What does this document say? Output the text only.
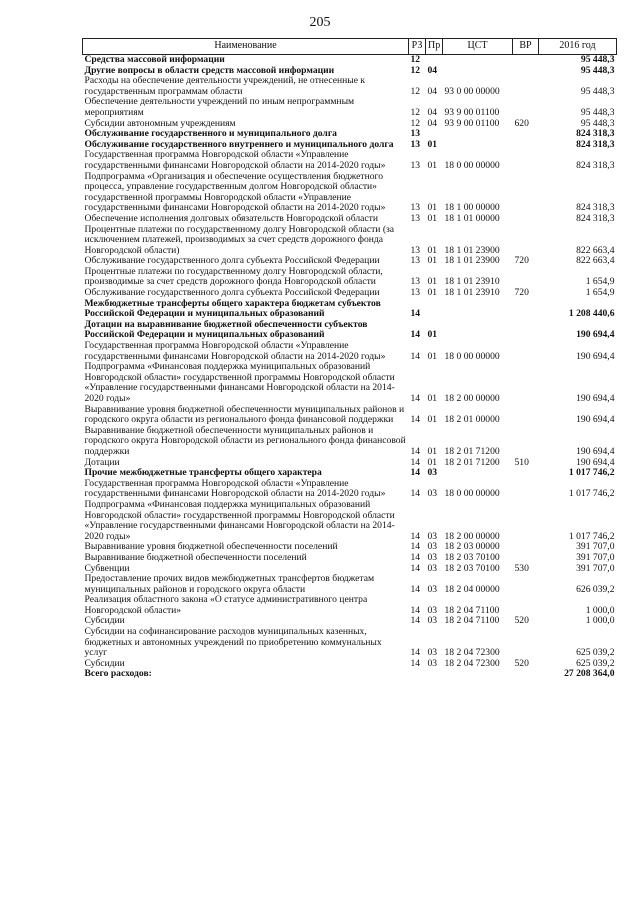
205
Наименование	РЗ	Пр	ЦСТ	ВР	2016 год
Средства массовой информации	12				95 448,3
Другие вопросы в области средств массовой информации	12	04			95 448,3
Расходы на обеспечение деятельности учреждений, не отнесенные к государственным программам области	12	04	93 0 00 00000		95 448,3
Обеспечение деятельности учреждений по иным непрограммным мероприятиям	12	04	93 9 00 01100		95 448,3
Субсидии автономным учреждениям	12	04	93 9 00 01100	620	95 448,3
Обслуживание государственного и муниципального долга	13				824 318,3
Обслуживание государственного внутреннего и муниципального долга	13	01			824 318,3
Государственная программа Новгородской области «Управление государственными финансами Новгородской области на 2014-2020 годы»	13	01	18 0 00 00000		824 318,3
Подпрограмма «Организация и обеспечение осуществления бюджетного процесса, управление государственным долгом Новгородской области» государственной программы Новгородской области «Управление государственными финансами Новгородской области на 2014-2020 годы»	13	01	18 1 00 00000		824 318,3
Обеспечение исполнения долговых обязательств Новгородской области	13	01	18 1 01 00000		824 318,3
Процентные платежи по государственному долгу Новгородской области (за исключением платежей, производимых за счет средств дорожного фонда Новгородской области)	13	01	18 1 01 23900		822 663,4
Обслуживание государственного долга субъекта Российской Федерации	13	01	18 1 01 23900	720	822 663,4
Процентные платежи по государственному долгу Новгородской области, производимые за счет средств дорожного фонда Новгородской области	13	01	18 1 01 23910		1 654,9
Обслуживание государственного долга субъекта Российской Федерации	13	01	18 1 01 23910	720	1 654,9
Межбюджетные трансферты общего характера бюджетам субъектов Российской Федерации и муниципальных образований	14				1 208 440,6
Дотации на выравнивание бюджетной обеспеченности субъектов Российской Федерации и муниципальных образований	14	01			190 694,4
Государственная программа Новгородской области «Управление государственными финансами Новгородской области на 2014-2020 годы»	14	01	18 0 00 00000		190 694,4
Подпрограмма «Финансовая поддержка муниципальных образований Новгородской области» государственной программы Новгородской области «Управление государственными финансами Новгородской области на 2014-2020 годы»	14	01	18 2 00 00000		190 694,4
Выравнивание уровня бюджетной обеспеченности муниципальных районов и городского округа области из регионального фонда финансовой поддержки	14	01	18 2 01 00000		190 694,4
Выравнивание бюджетной обеспеченности муниципальных районов и городского округа Новгородской области из регионального фонда финансовой поддержки	14	01	18 2 01 71200		190 694,4
Дотации	14	01	18 2 01 71200	510	190 694,4
Прочие межбюджетные трансферты общего характера	14	03			1 017 746,2
Государственная программа Новгородской области «Управление государственными финансами Новгородской области на 2014-2020 годы»	14	03	18 0 00 00000		1 017 746,2
Подпрограмма «Финансовая поддержка муниципальных образований Новгородской области» государственной программы Новгородской области «Управление государственными финансами Новгородской области на 2014-2020 годы»	14	03	18 2 00 00000		1 017 746,2
Выравнивание уровня бюджетной обеспеченности поселений	14	03	18 2 03 00000		391 707,0
Выравнивание бюджетной обеспеченности поселений	14	03	18 2 03 70100		391 707,0
Субвенции	14	03	18 2 03 70100	530	391 707,0
Предоставление прочих видов межбюджетных трансфертов бюджетам муниципальных районов и городского округа области	14	03	18 2 04 00000		626 039,2
Реализация областного закона «О статусе административного центра Новгородской области»	14	03	18 2 04 71100		1 000,0
Субсидии	14	03	18 2 04 71100	520	1 000,0
Субсидии на софинансирование расходов муниципальных казенных, бюджетных и автономных учреждений по приобретению коммунальных услуг	14	03	18 2 04 72300		625 039,2
Субсидии	14	03	18 2 04 72300	520	625 039,2
Всего расходов:					27 208 364,0
